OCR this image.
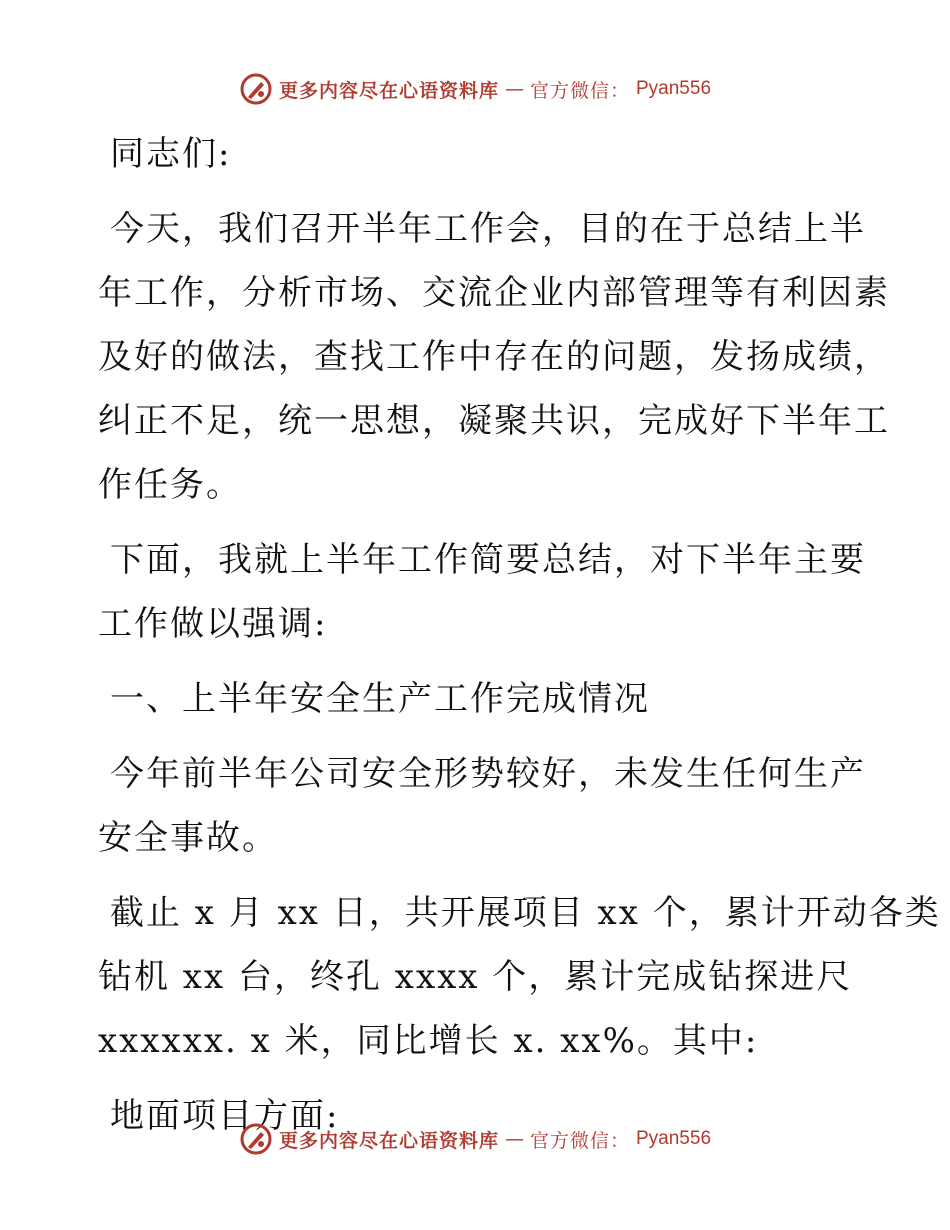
更多内容尽在心语资料库 — 官方微信： Pyan556
同志们:
今天，我们召开半年工作会，目的在于总结上半
年工作，分析市场、交流企业内部管理等有利因素
及好的做法，查找工作中存在的问题，发扬成绩，
纠正不足，统一思想，凝聚共识，完成好下半年工
作任务。
下面，我就上半年工作简要总结，对下半年主要
工作做以强调:
一、上半年安全生产工作完成情况
今年前半年公司安全形势较好，未发生任何生产
安全事故。
截止 x 月 xx 日，共开展项目 xx 个，累计开动各类
钻机 xx 台，终孔 xxxx 个，累计完成钻探进尺
xxxxxx. x 米，同比增长 x. xx%。其中:
地面项目方面:
更多内容尽在心语资料库 — 官方微信： Pyan556
